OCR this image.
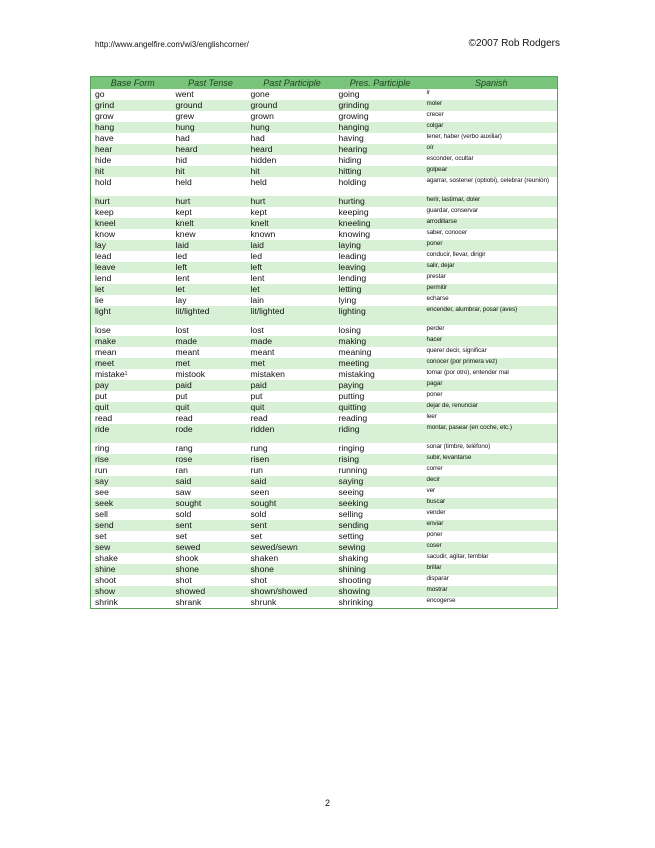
http://www.angelfire.com/wi3/englishcorner/	©2007 Rob Rodgers
Base Form	Past Tense	Past Participle	Pres. Participle	Spanish
go	went	gone	going	ir
grind	ground	ground	grinding	moler
grow	grew	grown	growing	crecer
hang	hung	hung	hanging	colgar
have	had	had	having	tener, haber (verbo auxiliar)
hear	heard	heard	hearing	oír
hide	hid	hidden	hiding	esconder, ocultar
hit	hit	hit	hitting	golpear
hold	held	held	holding	agarrar, sostener (optiobi), celebrar (reunión)
hurt	hurt	hurt	hurting	herir, lastimar, doler
keep	kept	kept	keeping	guardar, conservar
kneel	knelt	knelt	kneeling	arrodillarse
know	knew	known	knowing	saber, conocer
lay	laid	laid	laying	poner
lead	led	led	leading	conducir, llevar, dirigir
leave	left	left	leaving	salir, dejar
lend	lent	lent	lending	prestar
let	let	let	letting	permitir
lie	lay	lain	lying	echarse
light	lit/lighted	lit/lighted	lighting	encender, alumbrar, posar (aves)
lose	lost	lost	losing	perder
make	made	made	making	hacer
mean	meant	meant	meaning	querer decir, significar
meet	met	met	meeting	conocer (por primera vez)
mistake$^1$	mistook	mistaken	mistaking	tomar (por otro), entender mal
pay	paid	paid	paying	pagar
put	put	put	putting	poner
quit	quit	quit	quitting	dejar de, renunciar
read	read	read	reading	leer
ride	rode	ridden	riding	montar, pasear (en coche, etc.)
ring	rang	rung	ringing	sonar (timbre, teléfono)
rise	rose	risen	rising	subir, levantarse
run	ran	run	running	correr
say	said	said	saying	decir
see	saw	seen	seeing	ver
seek	sought	sought	seeking	buscar
sell	sold	sold	selling	vender
send	sent	sent	sending	enviar
set	set	set	setting	poner
sew	sewed	sewed/sewn	sewing	coser
shake	shook	shaken	shaking	sacudir, agitar, temblar
shine	shone	shone	shining	brillar
shoot	shot	shot	shooting	disparar
show	showed	shown/showed	showing	mostrar
shrink	shrank	shrunk	shrinking	encogerse
2
